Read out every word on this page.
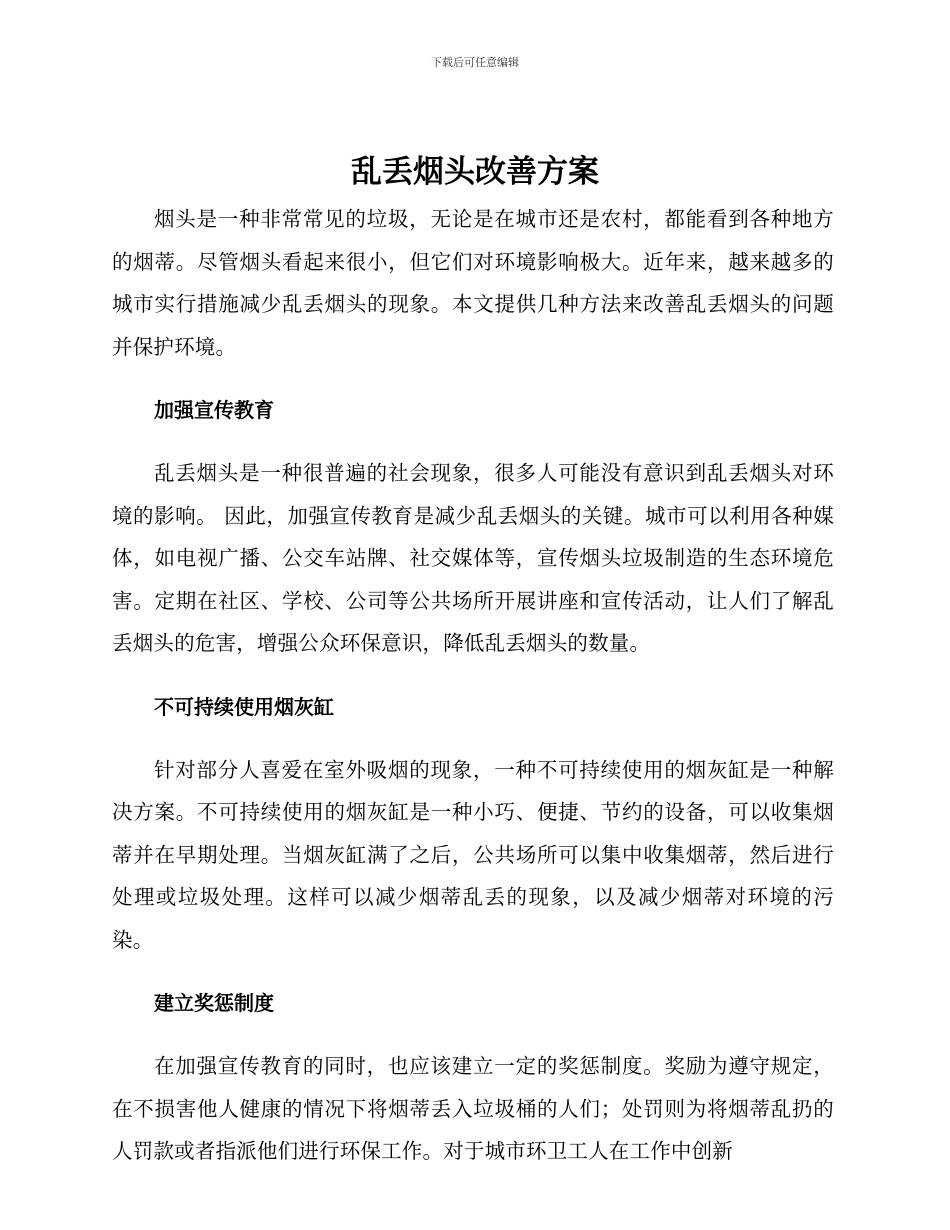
下载后可任意编辑
乱丢烟头改善方案

烟头是一种非常常见的垃圾，无论是在城市还是农村，都能看到各种地方的烟蒂。尽管烟头看起来很小，但它们对环境影响极大。近年来，越来越多的城市实行措施减少乱丢烟头的现象。本文提供几种方法来改善乱丢烟头的问题并保护环境。

加强宣传教育

乱丢烟头是一种很普遍的社会现象，很多人可能没有意识到乱丢烟头对环境的影响。 因此，加强宣传教育是减少乱丢烟头的关键。城市可以利用各种媒体，如电视广播、公交车站牌、社交媒体等，宣传烟头垃圾制造的生态环境危害。定期在社区、学校、公司等公共场所开展讲座和宣传活动，让人们了解乱丢烟头的危害，增强公众环保意识，降低乱丢烟头的数量。

不可持续使用烟灰缸

针对部分人喜爱在室外吸烟的现象，一种不可持续使用的烟灰缸是一种解决方案。不可持续使用的烟灰缸是一种小巧、便捷、节约的设备，可以收集烟蒂并在早期处理。当烟灰缸满了之后，公共场所可以集中收集烟蒂，然后进行处理或垃圾处理。这样可以减少烟蒂乱丢的现象，以及减少烟蒂对环境的污染。

建立奖惩制度

在加强宣传教育的同时，也应该建立一定的奖惩制度。奖励为遵守规定，在不损害他人健康的情况下将烟蒂丢入垃圾桶的人们；处罚则为将烟蒂乱扔的人罚款或者指派他们进行环保工作。对于城市环卫工人在工作中创新
